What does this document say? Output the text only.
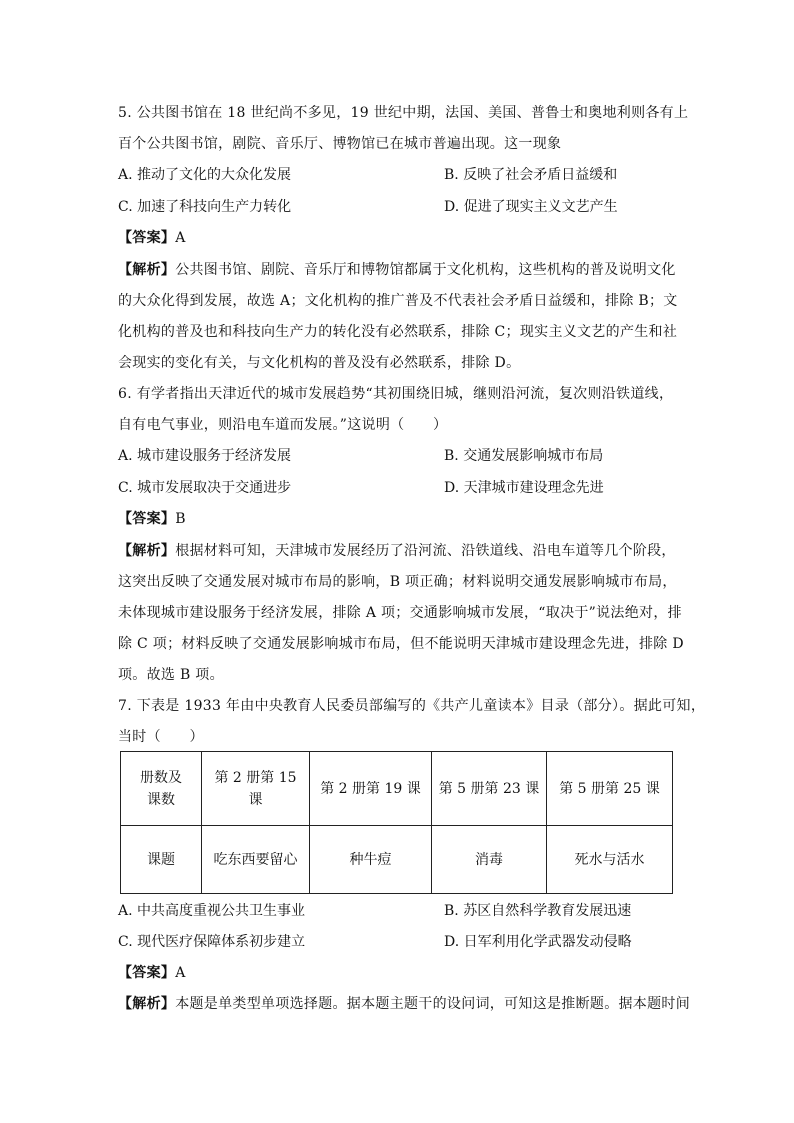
5. 公共图书馆在 18 世纪尚不多见，19 世纪中期，法国、美国、普鲁士和奥地利则各有上
百个公共图书馆，剧院、音乐厅、博物馆已在城市普遍出现。这一现象
A. 推动了文化的大众化发展	B. 反映了社会矛盾日益缓和
C. 加速了科技向生产力转化	D. 促进了现实主义文艺产生
【答案】A
【解析】公共图书馆、剧院、音乐厅和博物馆都属于文化机构，这些机构的普及说明文化
的大众化得到发展，故选 A；文化机构的推广普及不代表社会矛盾日益缓和，排除 B；文
化机构的普及也和科技向生产力的转化没有必然联系，排除 C；现实主义文艺的产生和社
会现实的变化有关，与文化机构的普及没有必然联系，排除 D。
6. 有学者指出天津近代的城市发展趋势“其初围绕旧城，继则沿河流，复次则沿铁道线，
自有电气事业，则沿电车道而发展。”这说明（　　）
A. 城市建设服务于经济发展	B. 交通发展影响城市布局
C. 城市发展取决于交通进步	D. 天津城市建设理念先进
【答案】B
【解析】根据材料可知，天津城市发展经历了沿河流、沿铁道线、沿电车道等几个阶段，
这突出反映了交通发展对城市布局的影响，B 项正确；材料说明交通发展影响城市布局，
未体现城市建设服务于经济发展，排除 A 项；交通影响城市发展，“取决于”说法绝对，排
除 C 项；材料反映了交通发展影响城市布局，但不能说明天津城市建设理念先进，排除 D
项。故选 B 项。
7. 下表是 1933 年由中央教育人民委员部编写的《共产儿童读本》目录（部分）。据此可知，
当时（　　）
册数及
课数	第 2 册第 15 课	第 2 册第 19 课	第 5 册第 23 课	第 5 册第 25 课
课题	吃东西要留心	种牛痘	消毒	死水与活水
A. 中共高度重视公共卫生事业	B. 苏区自然科学教育发展迅速
C. 现代医疗保障体系初步建立	D. 日军利用化学武器发动侵略
【答案】A
【解析】本题是单类型单项选择题。据本题主题干的设问词，可知这是推断题。据本题时间
